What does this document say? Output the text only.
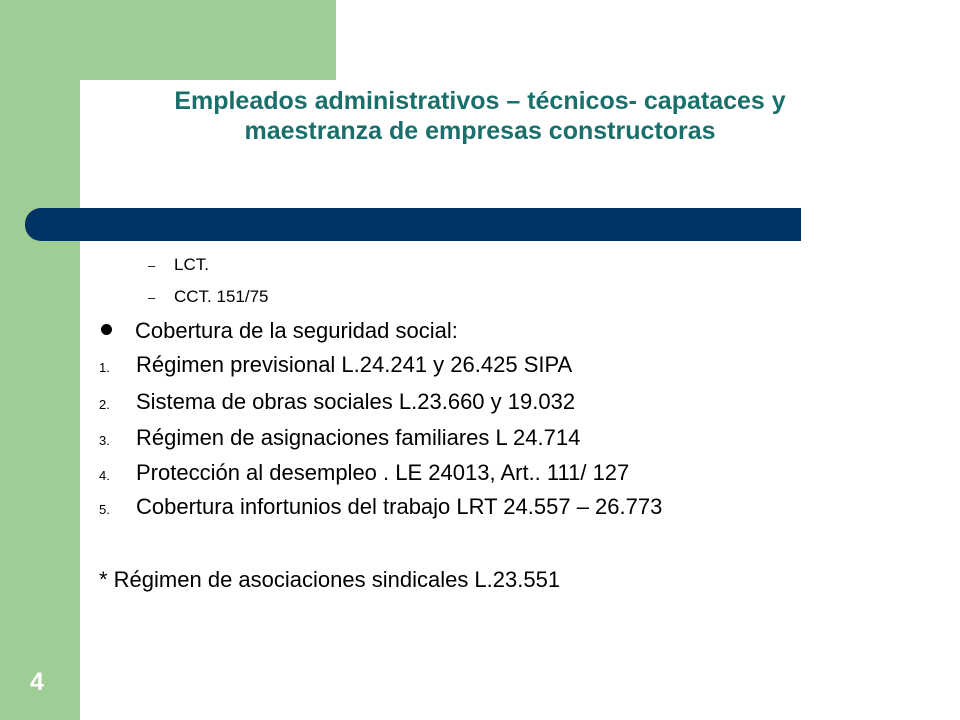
Empleados administrativos – técnicos- capataces y
maestranza de empresas constructoras
– LCT.
– CCT. 151/75
Cobertura de la seguridad social:
1. Régimen previsional L.24.241 y 26.425 SIPA
2. Sistema de obras sociales L.23.660 y 19.032
3. Régimen de asignaciones familiares L 24.714
4. Protección al desempleo . LE 24013, Art.. 111/ 127
5. Cobertura infortunios del trabajo LRT 24.557 – 26.773
* Régimen de asociaciones sindicales L.23.551
4
